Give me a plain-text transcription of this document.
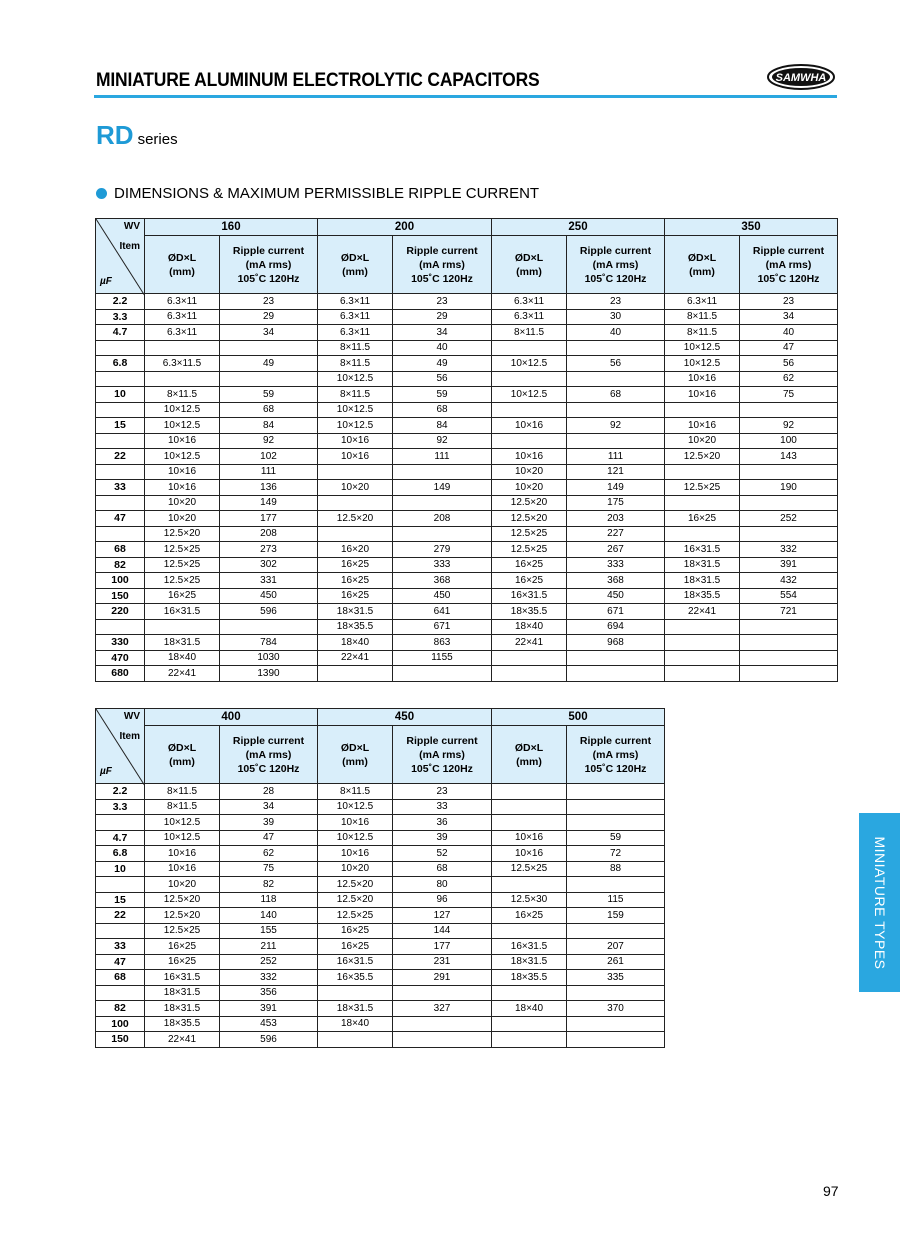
MINIATURE ALUMINUM ELECTROLYTIC CAPACITORS	SAMWHA
RD series
DIMENSIONS & MAXIMUM PERMISSIBLE RIPPLE CURRENT
WV
Item
µF	160		200		250		350	
	ØD×L
(mm)	Ripple current
(mA rms)
105˚C 120Hz	ØD×L
(mm)	Ripple current
(mA rms)
105˚C 120Hz	ØD×L
(mm)	Ripple current
(mA rms)
105˚C 120Hz	ØD×L
(mm)	Ripple current
(mA rms)
105˚C 120Hz
2.2	6.3×11	23	6.3×11	23	6.3×11	23	6.3×11	23
3.3	6.3×11	29	6.3×11	29	6.3×11	30	8×11.5	34
4.7	6.3×11	34	6.3×11	34	8×11.5	40	8×11.5	40
			8×11.5	40			10×12.5	47
6.8	6.3×11.5	49	8×11.5	49	10×12.5	56	10×12.5	56
			10×12.5	56			10×16	62
10	8×11.5	59	8×11.5	59	10×12.5	68	10×16	75
	10×12.5	68	10×12.5	68				
15	10×12.5	84	10×12.5	84	10×16	92	10×16	92
	10×16	92	10×16	92			10×20	100
22	10×12.5	102	10×16	111	10×16	111	12.5×20	143
	10×16	111			10×20	121		
33	10×16	136	10×20	149	10×20	149	12.5×25	190
	10×20	149			12.5×20	175		
47	10×20	177	12.5×20	208	12.5×20	203	16×25	252
	12.5×20	208			12.5×25	227		
68	12.5×25	273	16×20	279	12.5×25	267	16×31.5	332
82	12.5×25	302	16×25	333	16×25	333	18×31.5	391
100	12.5×25	331	16×25	368	16×25	368	18×31.5	432
150	16×25	450	16×25	450	16×31.5	450	18×35.5	554
220	16×31.5	596	18×31.5	641	18×35.5	671	22×41	721
			18×35.5	671	18×40	694		
330	18×31.5	784	18×40	863	22×41	968		
470	18×40	1030	22×41	1155				
680	22×41	1390						
WV
Item
µF	400		450		500	
	ØD×L
(mm)	Ripple current
(mA rms)
105˚C 120Hz	ØD×L
(mm)	Ripple current
(mA rms)
105˚C 120Hz	ØD×L
(mm)	Ripple current
(mA rms)
105˚C 120Hz
2.2	8×11.5	28	8×11.5	23		
3.3	8×11.5	34	10×12.5	33		
	10×12.5	39	10×16	36		
4.7	10×12.5	47	10×12.5	39	10×16	59
6.8	10×16	62	10×16	52	10×16	72
10	10×16	75	10×20	68	12.5×25	88
	10×20	82	12.5×20	80		
15	12.5×20	118	12.5×20	96	12.5×30	115
22	12.5×20	140	12.5×25	127	16×25	159
	12.5×25	155	16×25	144		
33	16×25	211	16×25	177	16×31.5	207
47	16×25	252	16×31.5	231	18×31.5	261
68	16×31.5	332	16×35.5	291	18×35.5	335
	18×31.5	356				
82	18×31.5	391	18×31.5	327	18×40	370
100	18×35.5	453	18×40			
150	22×41	596				
MINIATURE TYPES
97
